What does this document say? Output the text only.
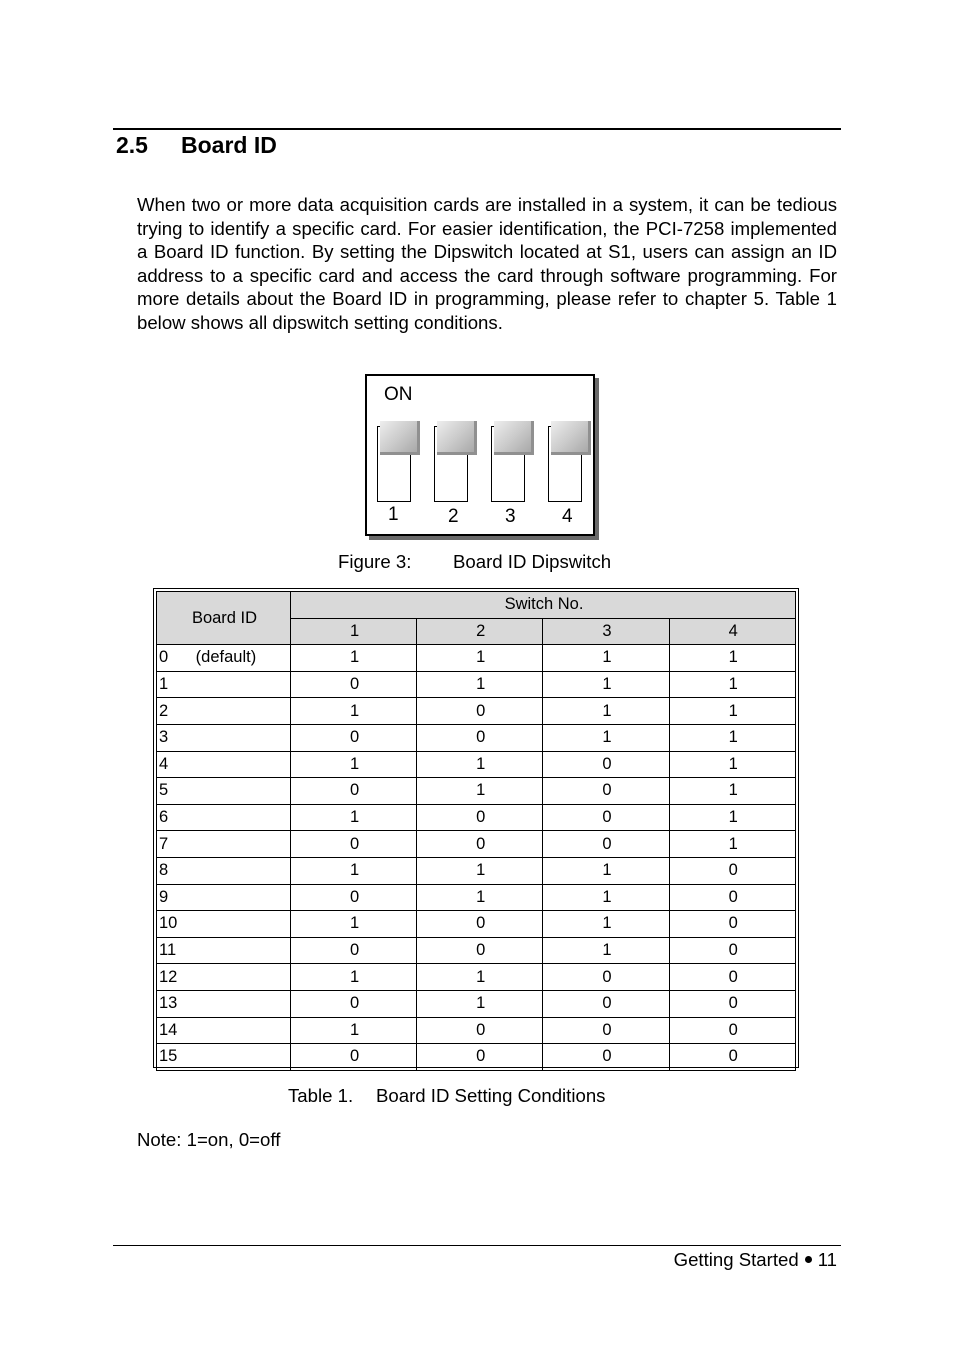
2.5 Board ID
When two or more data acquisition cards are installed in a system, it can be tedious trying to identify a specific card. For easier identification, the PCI-7258 implemented a Board ID function. By setting the Dipswitch located at S1, users can assign an ID address to a specific card and access the card through software programming. For more details about the Board ID in programming, please refer to chapter 5. Table 1 below shows all dipswitch setting conditions.
ON
1	2 3 4
Figure 3: Board ID Dipswitch
Board ID	Switch No.			
	1	2	3	4
0      (default)	1	1	1	1
1	0	1	1	1
2	1	0	1	1
3	0	0	1	1
4	1	1	0	1
5	0	1	0	1
6	1	0	0	1
7	0	0	0	1
8	1	1	1	0
9	0	1	1	0
10	1	0	1	0
11	0	0	1	0
12	1	1	0	0
13	0	1	0	0
14	1	0	0	0
15	0	0	0	0
Table 1. Board ID Setting Conditions
Note: 1=on, 0=off
Getting Started 11
